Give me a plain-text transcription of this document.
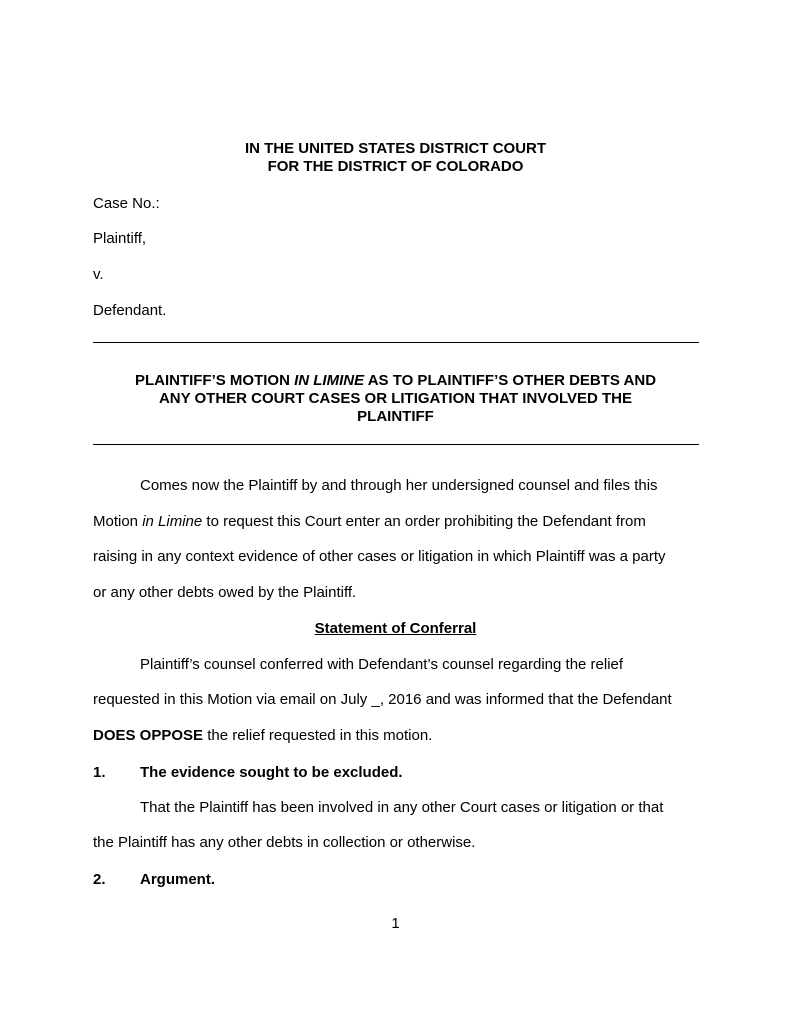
IN THE UNITED STATES DISTRICT COURT
FOR THE DISTRICT OF COLORADO
Case No.:
Plaintiff,
v.
Defendant.
PLAINTIFF’S MOTION IN LIMINE AS TO PLAINTIFF’S OTHER DEBTS AND
ANY OTHER COURT CASES OR LITIGATION THAT INVOLVED THE
PLAINTIFF
Comes now the Plaintiff by and through her undersigned counsel and files this
Motion in Limine to request this Court enter an order prohibiting the Defendant from
raising in any context evidence of other cases or litigation in which Plaintiff was a party
or any other debts owed by the Plaintiff.
Statement of Conferral
Plaintiff’s counsel conferred with Defendant’s counsel regarding the relief
requested in this Motion via email on July _, 2016 and was informed that the Defendant
DOES OPPOSE the relief requested in this motion.
1. The evidence sought to be excluded.
That the Plaintiff has been involved in any other Court cases or litigation or that
the Plaintiff has any other debts in collection or otherwise.
2. Argument.
1
